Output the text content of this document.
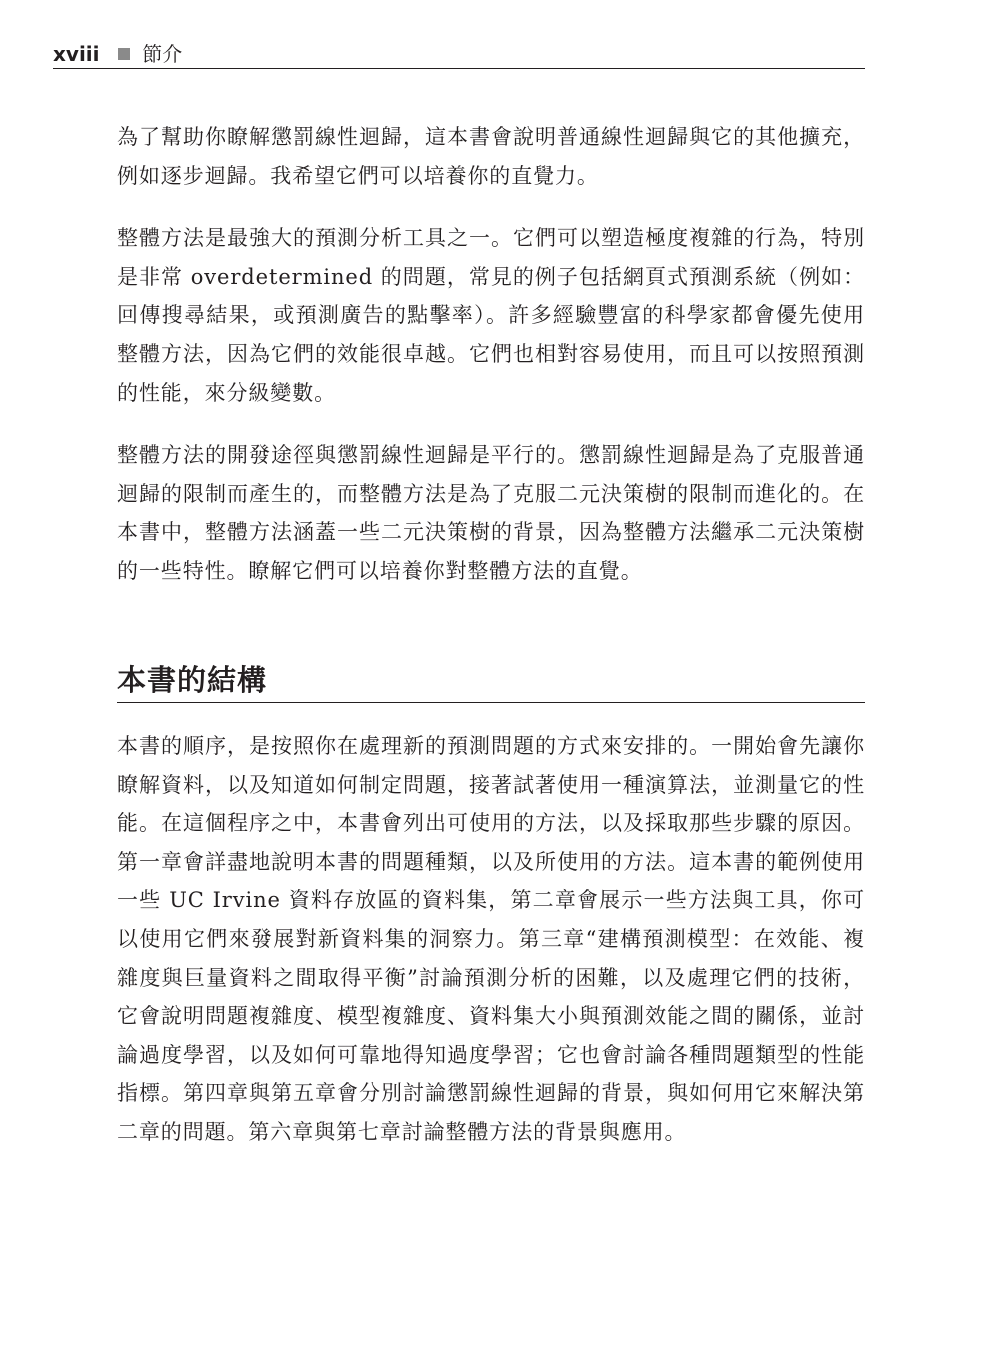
xviii 節介

為了幫助你瞭解懲罰線性迴歸，這本書會說明普通線性迴歸與它的其他擴充，例如逐步迴歸。我希望它們可以培養你的直覺力。

整體方法是最強大的預測分析工具之一。它們可以塑造極度複雜的行為，特別是非常 overdetermined 的問題，常見的例子包括網頁式預測系統（例如：回傳搜尋結果，或預測廣告的點擊率）。許多經驗豐富的科學家都會優先使用整體方法，因為它們的效能很卓越。它們也相對容易使用，而且可以按照預測的性能，來分級變數。

整體方法的開發途徑與懲罰線性迴歸是平行的。懲罰線性迴歸是為了克服普通迴歸的限制而產生的，而整體方法是為了克服二元決策樹的限制而進化的。在本書中，整體方法涵蓋一些二元決策樹的背景，因為整體方法繼承二元決策樹的一些特性。瞭解它們可以培養你對整體方法的直覺。

本書的結構

本書的順序，是按照你在處理新的預測問題的方式來安排的。一開始會先讓你瞭解資料，以及知道如何制定問題，接著試著使用一種演算法，並測量它的性能。在這個程序之中，本書會列出可使用的方法，以及採取那些步驟的原因。第一章會詳盡地說明本書的問題種類，以及所使用的方法。這本書的範例使用一些 UC Irvine 資料存放區的資料集，第二章會展示一些方法與工具，你可以使用它們來發展對新資料集的洞察力。第三章“建構預測模型：在效能、複雜度與巨量資料之間取得平衡”討論預測分析的困難，以及處理它們的技術，它會說明問題複雜度、模型複雜度、資料集大小與預測效能之間的關係，並討論過度學習，以及如何可靠地得知過度學習；它也會討論各種問題類型的性能指標。第四章與第五章會分別討論懲罰線性迴歸的背景，與如何用它來解決第二章的問題。第六章與第七章討論整體方法的背景與應用。
